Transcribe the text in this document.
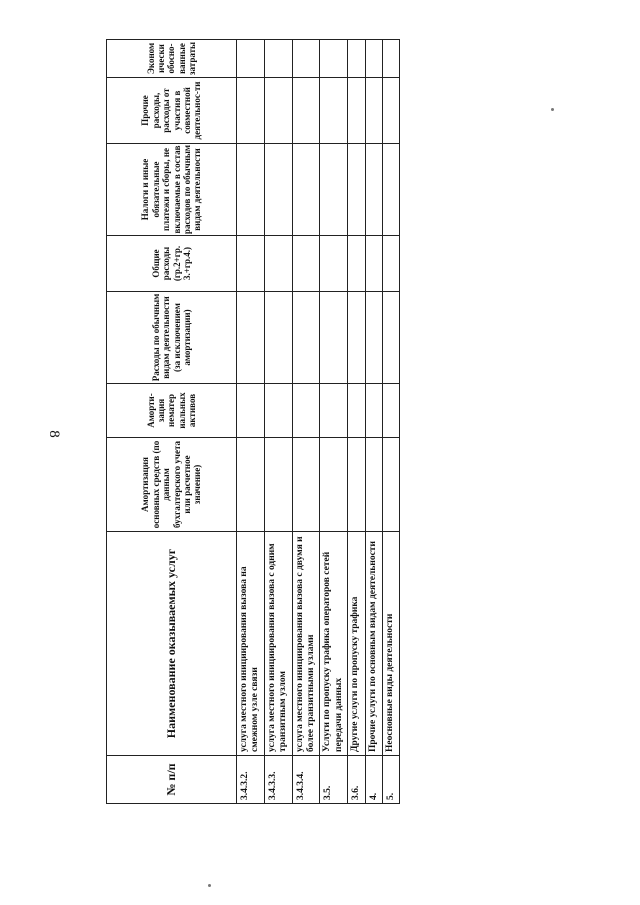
8
№ п/п	Наименование оказываемых услуг	Амортизация основных средств (по данным бухгалтерского учета или расчетное значение)	Аморти-зация нематер иальных активов	Расходы по обычным видам деятельности (за исключением амортизации)	Общие расходы (гр.2+гр. 3.+гр.4.)	Налоги и иные обязательные платежи и сборы, не включаемые в состав расходов по обычным видам деятельности	Прочие расходы, расходы от участия в совместной деятельнос-ти	Эконом ически обосно-ванные затраты
3.4.3.2.	услуга местного инициирования вызова на смежном узле связи							
3.4.3.3.	услуга местного инициирования вызова с одним транзитным узлом							
3.4.3.4.	услуга местного инициирования вызова с двумя и более транзитными узлами							
3.5.	Услуги по пропуску трафика операторов сетей передачи данных							
3.6.	Другие услуги по пропуску трафика							
4.	Прочие услуги по основным видам деятельности							
5.	Неосновные виды деятельности							
